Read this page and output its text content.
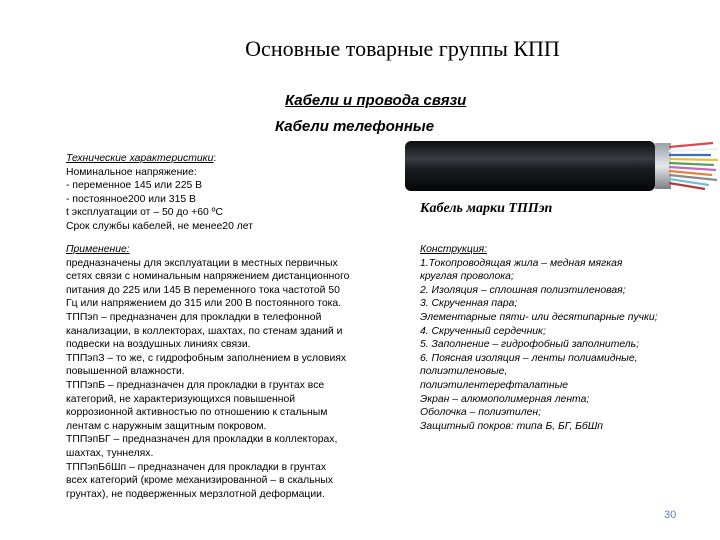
Основные товарные группы КПП
Кабели и провода связи
Кабели телефонные
Технические характеристики:
Номинальное напряжение:
- переменное 145 или 225 В
- постоянное200 или 315 В
t эксплуатации от – 50 до +60 ºС
Срок службы кабелей, не менее20 лет
Кабель марки ТППэп
Применение:
предназначены для эксплуатации в местных первичных
сетях связи с номинальным напряжением дистанционного
питания до 225 или 145 В переменного тока частотой 50
Гц или напряжением до 315 или 200 В постоянного тока.
ТППэп – предназначен для прокладки в телефонной
канализации, в коллекторах, шахтах, по стенам зданий и
подвески на воздушных линиях связи.
ТППэпЗ – то же, с гидрофобным заполнением в условиях
повышенной влажности.
ТППэпБ – предназначен для прокладки в грунтах все
категорий, не характеризующихся повышенной
коррозионной активностью по отношению к стальным
лентам с наружным защитным покровом.
ТППэпБГ – предназначен для прокладки в коллекторах,
шахтах, туннелях.
ТППэпБбШп – предназначен для прокладки в грунтах
всех категорий (кроме механизированной – в скальных
грунтах), не подверженных мерзлотной деформации.
Конструкция:
1.Токопроводящая жила – медная мягкая
круглая проволока;
2. Изоляция – сплошная полиэтиленовая;
3. Скрученная пара;
Элементарные пяти- или десятипарные пучки;
4. Скрученный сердечник;
5. Заполнение – гидрофобный заполнитель;
6. Поясная изоляция – ленты полиамидные,
полиэтиленовые,
полиэтилентерефталатные
Экран – алюмополимерная лента;
Оболочка – полиэтилен;
Защитный покров: типа Б, БГ, БбШп
30
